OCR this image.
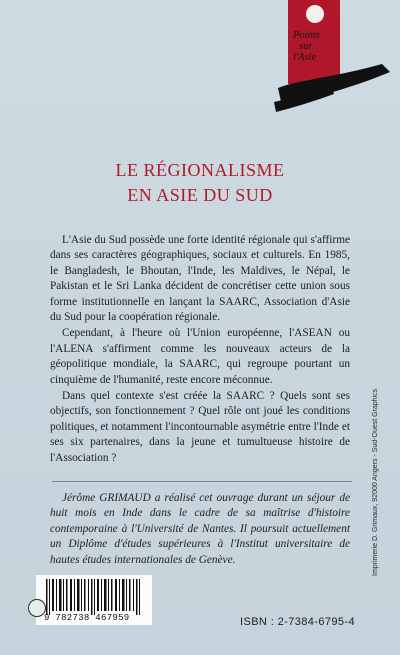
Points
sur
l'Asie
LE RÉGIONALISME
EN ASIE DU SUD

L'Asie du Sud possède une forte identité régionale qui s'affirme dans ses caractères géographiques, sociaux et culturels. En 1985, le Bangladesh, le Bhoutan, l'Inde, les Maldives, le Népal, le Pakistan et le Sri Lanka décident de concrétiser cette union sous forme institutionnelle en lançant la SAARC, Association d'Asie du Sud pour la coopération régionale.

Cependant, à l'heure où l'Union européenne, l'ASEAN ou l'ALENA s'affirment comme les nouveaux acteurs de la géopolitique mondiale, la SAARC, qui regroupe pourtant un cinquième de l'humanité, reste encore méconnue.

Dans quel contexte s'est créée la SAARC ? Quels sont ses objectifs, son fonctionnement ? Quel rôle ont joué les conditions politiques, et notamment l'incontournable asymétrie entre l'Inde et ses six partenaires, dans la jeune et tumultueuse histoire de l'Association ?

Jérôme GRIMAUD a réalisé cet ouvrage durant un séjour de huit mois en Inde dans le cadre de sa maîtrise d'histoire contemporaine à l'Université de Nantes. Il poursuit actuellement un Diplôme d'études supérieures à l'Institut universitaire de hautes études internationales de Genève.	Imprimerie D. Grimaux, 92000 Angers - Sud-Ouest Graphics
9 782738 467959	ISBN : 2-7384-6795-4
